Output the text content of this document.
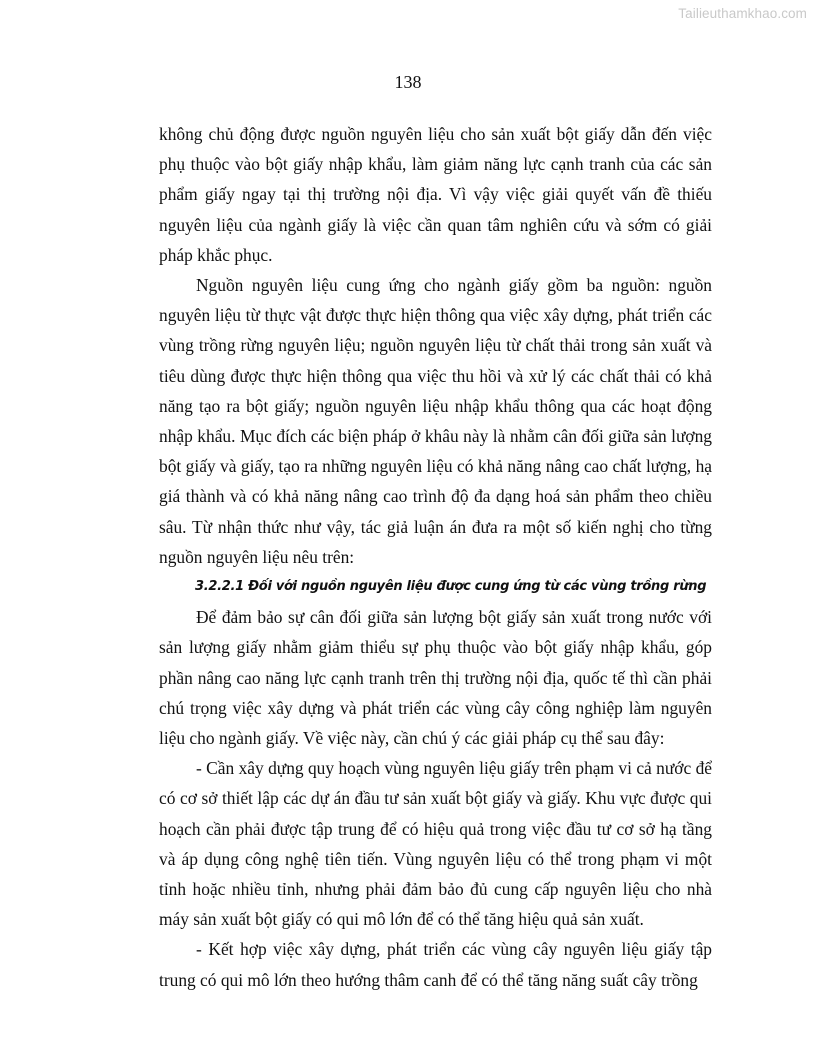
Tailieuthamkhao.com
138

không chủ động được nguồn nguyên liệu cho sản xuất bột giấy dẫn đến việc phụ thuộc vào bột giấy nhập khẩu, làm giảm năng lực cạnh tranh của các sản phẩm giấy ngay tại thị trường nội địa. Vì vậy việc giải quyết vấn đề thiếu nguyên liệu của ngành giấy là việc cần quan tâm nghiên cứu và sớm có giải pháp khắc phục.

Nguồn nguyên liệu cung ứng cho ngành giấy gồm ba nguồn: nguồn nguyên liệu từ thực vật được thực hiện thông qua việc xây dựng, phát triển các vùng trồng rừng nguyên liệu; nguồn nguyên liệu từ chất thải trong sản xuất và tiêu dùng được thực hiện thông qua việc thu hồi và xử lý các chất thải có khả năng tạo ra bột giấy; nguồn nguyên liệu nhập khẩu thông qua các hoạt động nhập khẩu. Mục đích các biện pháp ở khâu này là nhằm cân đối giữa sản lượng bột giấy và giấy, tạo ra những nguyên liệu có khả năng nâng cao chất lượng, hạ giá thành và có khả năng nâng cao trình độ đa dạng hoá sản phẩm theo chiều sâu. Từ nhận thức như vậy, tác giả luận án đưa ra một số kiến nghị cho từng nguồn nguyên liệu nêu trên:

3.2.2.1 Đối với nguồn nguyên liệu được cung ứng từ các vùng trồng rừng

Để đảm bảo sự cân đối giữa sản lượng bột giấy sản xuất trong nước với sản lượng giấy nhằm giảm thiểu sự phụ thuộc vào bột giấy nhập khẩu, góp phần nâng cao năng lực cạnh tranh trên thị trường nội địa, quốc tế thì cần phải chú trọng việc xây dựng và phát triển các vùng cây công nghiệp làm nguyên liệu cho ngành giấy. Về việc này, cần chú ý các giải pháp cụ thể sau đây:

- Cần xây dựng quy hoạch vùng nguyên liệu giấy trên phạm vi cả nước để có cơ sở thiết lập các dự án đầu tư sản xuất bột giấy và giấy. Khu vực được qui hoạch cần phải được tập trung để có hiệu quả trong việc đầu tư cơ sở hạ tầng và áp dụng công nghệ tiên tiến. Vùng nguyên liệu có thể trong phạm vi một tỉnh hoặc nhiều tỉnh, nhưng phải đảm bảo đủ cung cấp nguyên liệu cho nhà máy sản xuất bột giấy có qui mô lớn để có thể tăng hiệu quả sản xuất.

- Kết hợp việc xây dựng, phát triển các vùng cây nguyên liệu giấy tập trung có qui mô lớn theo hướng thâm canh để có thể tăng năng suất cây trồng
